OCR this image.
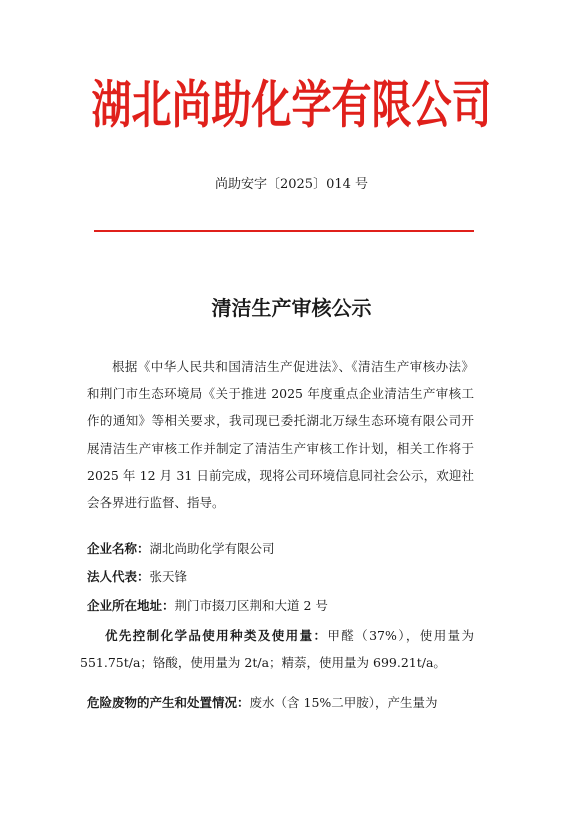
湖北尚助化学有限公司
尚助安字〔2025〕014 号
清洁生产审核公示
根据《中华人民共和国清洁生产促进法》、《清洁生产审核办法》和荆门市生态环境局《关于推进 2025 年度重点企业清洁生产审核工作的通知》等相关要求，我司现已委托湖北万绿生态环境有限公司开展清洁生产审核工作并制定了清洁生产审核工作计划，相关工作将于 2025 年 12 月 31 日前完成，现将公司环境信息同社会公示，欢迎社会各界进行监督、指导。
企业名称：湖北尚助化学有限公司
法人代表：张天锋
企业所在地址：荆门市掇刀区荆和大道 2 号
优先控制化学品使用种类及使用量：甲醛（37%），使用量为 551.75t/a；铬酸，使用量为 2t/a；精萘，使用量为 699.21t/a。
危险废物的产生和处置情况：废水（含 15%二甲胺），产生量为
